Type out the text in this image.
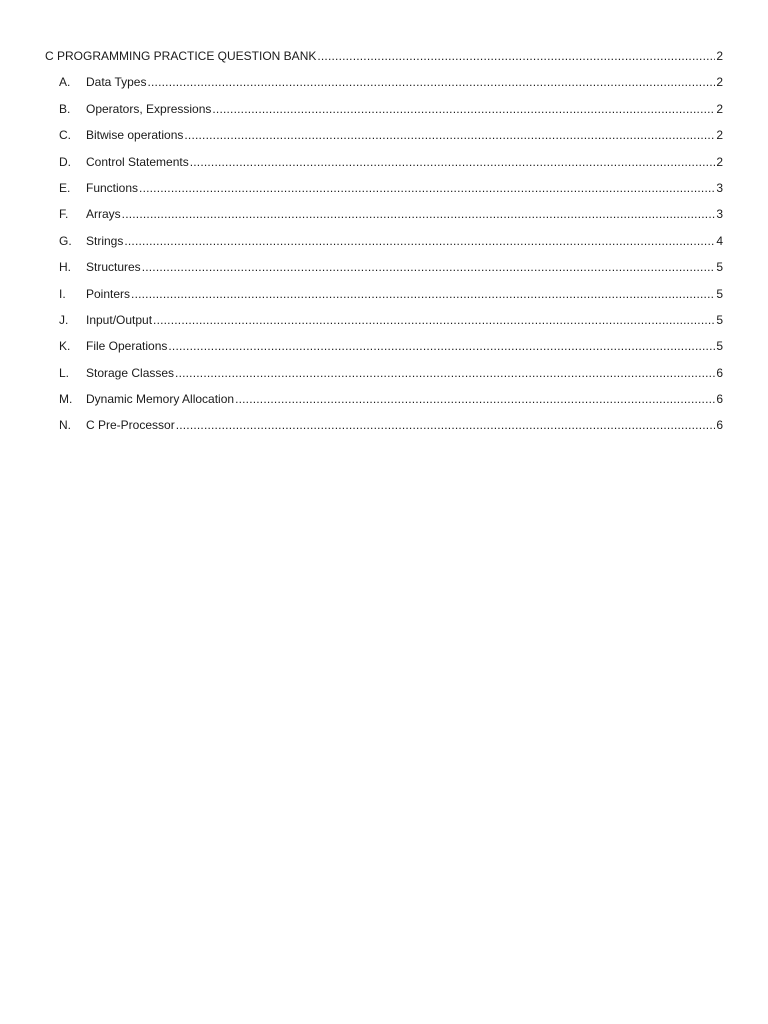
C PROGRAMMING PRACTICE QUESTION BANK .....	2
A.	Data Types .....	2
B.	Operators, Expressions .....	2
C.	Bitwise operations .....	2
D.	Control Statements .....	2
E.	Functions .....	3
F.	Arrays .....	3
G.	Strings .....	4
H.	Structures .....	5
I.	Pointers .....	5
J.	Input/Output .....	5
K.	File Operations .....	5
L.	Storage Classes .....	6
M.	Dynamic Memory Allocation .....	6
N.	C Pre-Processor .....	6
